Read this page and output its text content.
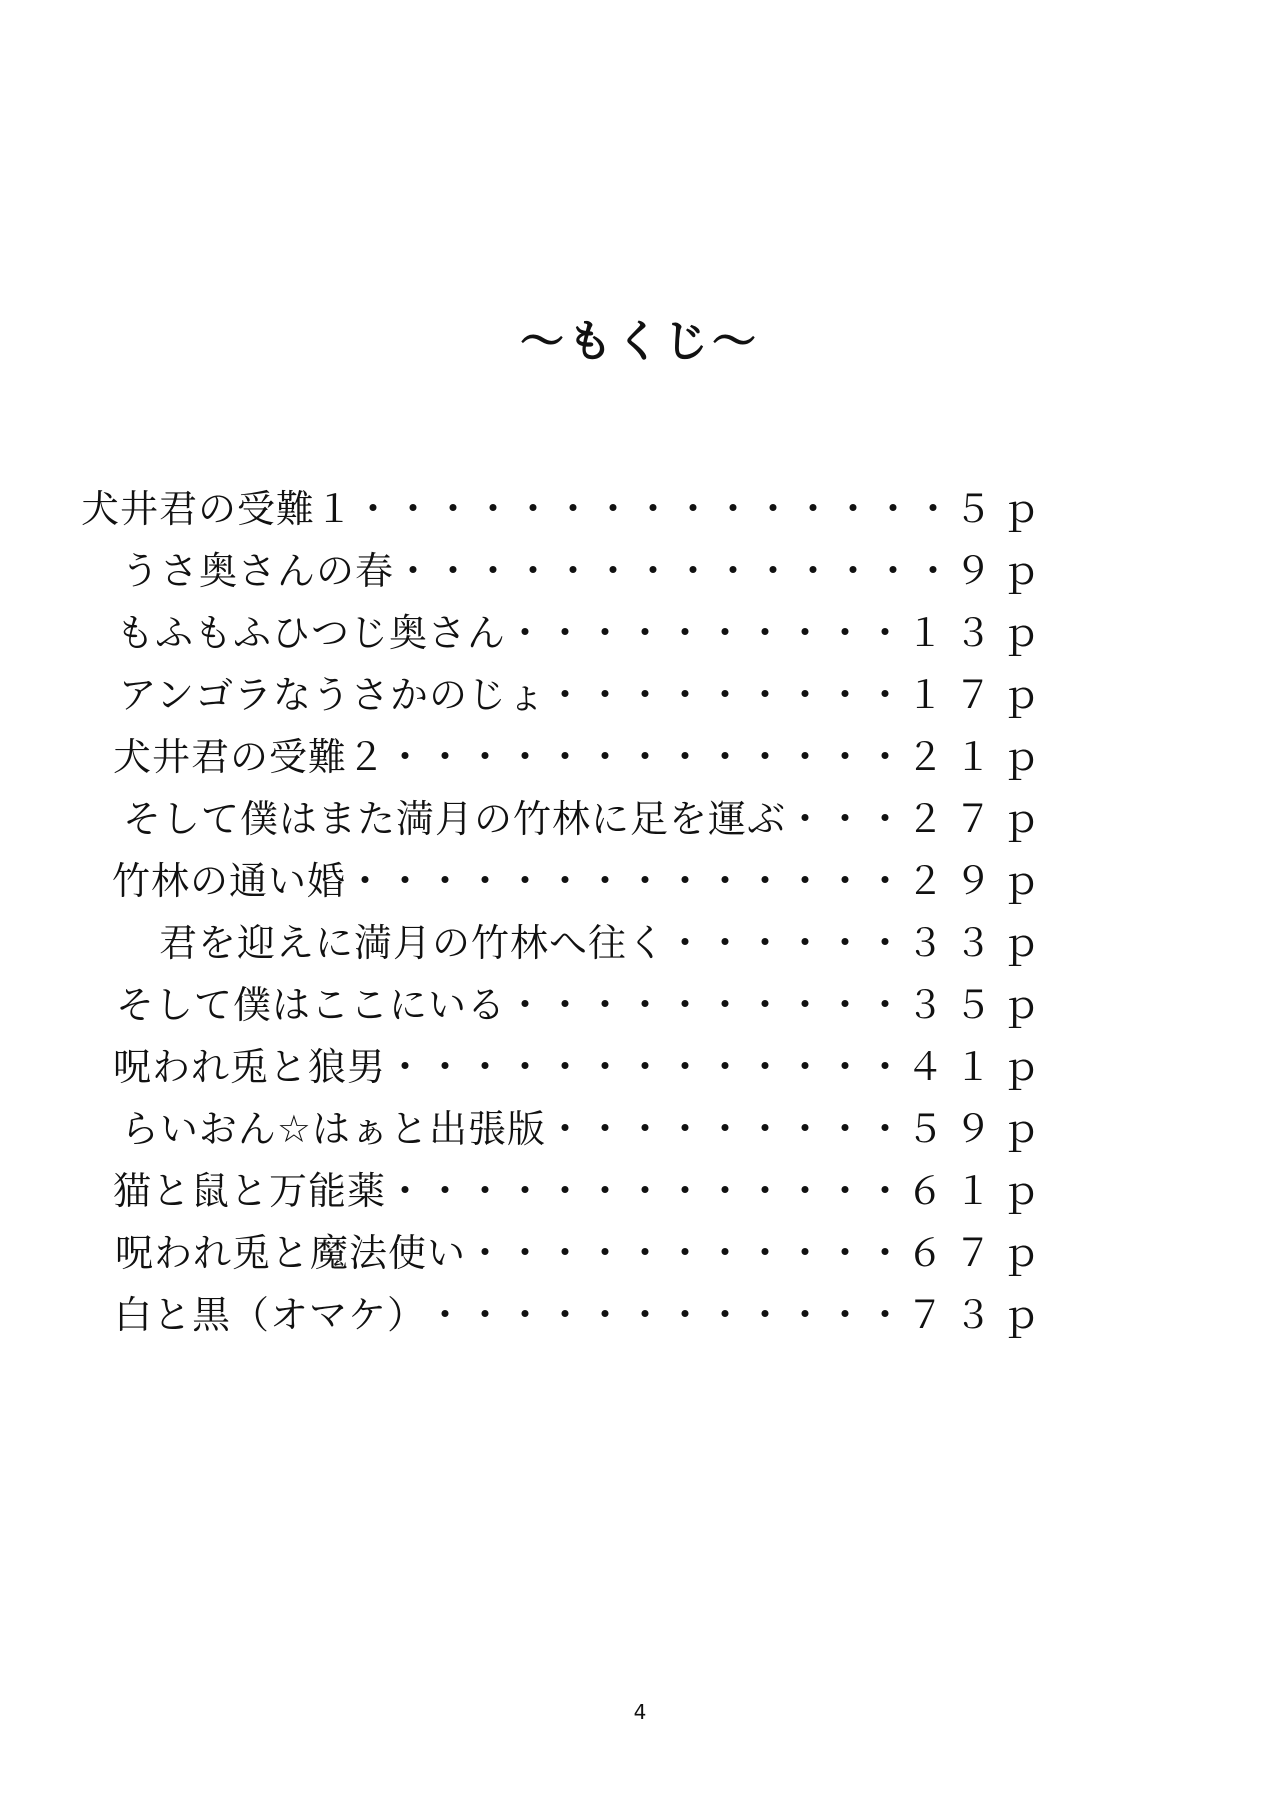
～もくじ～
犬井君の受難１ ・・・・・・・・・・・・・・・ ５ｐ
うさ奥さんの春 ・・・・・・・・・・・・・・ ９ｐ
もふもふひつじ奥さん ・・・・・・・・・・ １３ｐ
アンゴラなうさかのじょ ・・・・・・・・・ １７ｐ
犬井君の受難２ ・・・・・・・・・・・・・ ２１ｐ
そして僕はまた満月の竹林に足を運ぶ ・・・ ２７ｐ
竹林の通い婚 ・・・・・・・・・・・・・・ ２９ｐ
君を迎えに満月の竹林へ往く ・・・・・・ ３３ｐ
そして僕はここにいる ・・・・・・・・・・ ３５ｐ
呪われ兎と狼男 ・・・・・・・・・・・・・ ４１ｐ
らいおん☆はぁと出張版 ・・・・・・・・・ ５９ｐ
猫と鼠と万能薬 ・・・・・・・・・・・・・ ６１ｐ
呪われ兎と魔法使い ・・・・・・・・・・・ ６７ｐ
白と黒（オマケ） ・・・・・・・・・・・・ ７３ｐ
4
